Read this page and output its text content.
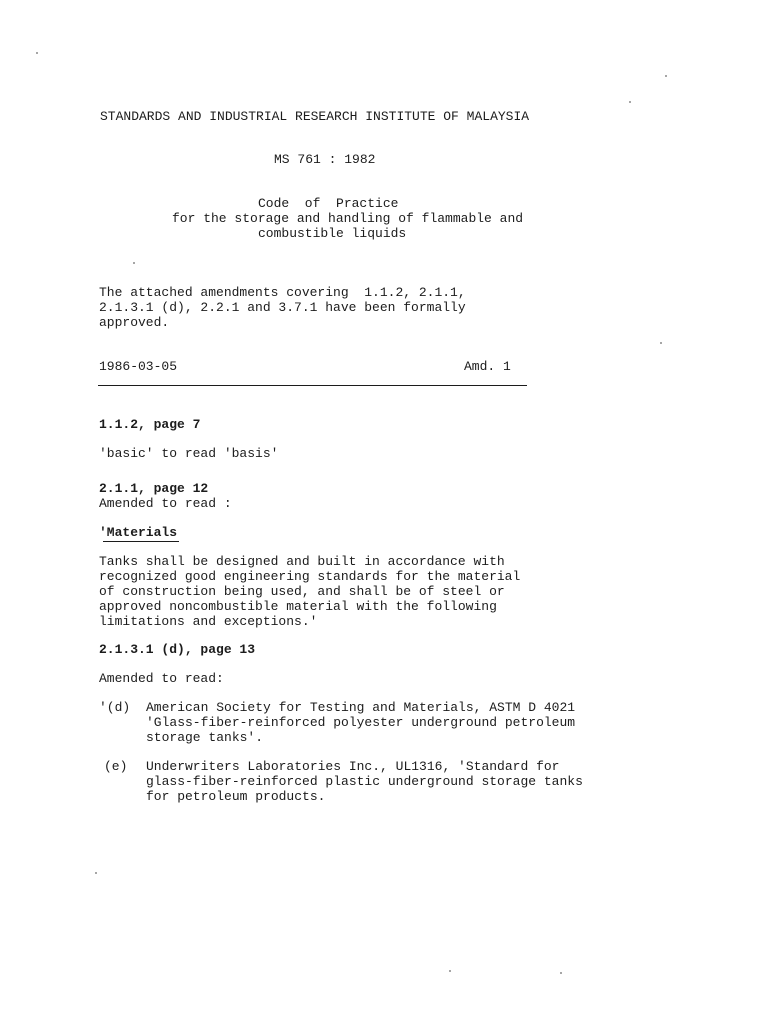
STANDARDS AND INDUSTRIAL RESEARCH INSTITUTE OF MALAYSIA
MS 761 : 1982
Code  of  Practice
for the storage and handling of flammable and
combustible liquids
The attached amendments covering  1.1.2, 2.1.1,
2.1.3.1 (d), 2.2.1 and 3.7.1 have been formally
approved.
1986-03-05	Amd. 1
1.1.2, page 7
'basic' to read 'basis'
2.1.1, page 12
Amended to read :
'Materials
Tanks shall be designed and built in accordance with
recognized good engineering standards for the material
of construction being used, and shall be of steel or
approved noncombustible material with the following
limitations and exceptions.'
2.1.3.1 (d), page 13
Amended to read:
'(d) American Society for Testing and Materials, ASTM D 4021
'Glass-fiber-reinforced polyester underground petroleum
storage tanks'.
(e) Underwriters Laboratories Inc., UL1316, 'Standard for
glass-fiber-reinforced plastic underground storage tanks
for petroleum products.
